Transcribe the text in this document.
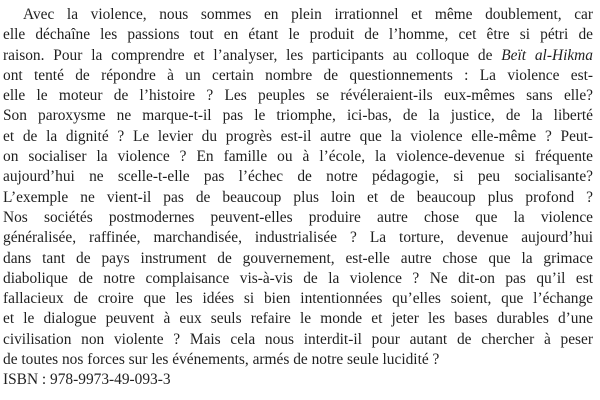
Avec la violence, nous sommes en plein irrationnel et même doublement, car
elle déchaîne les passions tout en étant le produit de l’homme, cet être si pétri de
raison. Pour la comprendre et l’analyser, les participants au colloque de Beït al-Hikma
ont tenté de répondre à un certain nombre de questionnements : La violence est-
elle le moteur de l’histoire ? Les peuples se révéleraient-ils eux-mêmes sans elle?
Son paroxysme ne marque-t-il pas le triomphe, ici-bas, de la justice, de la liberté
et de la dignité ? Le levier du progrès est-il autre que la violence elle-même ? Peut-
on socialiser la violence ? En famille ou à l’école, la violence-devenue si fréquente
aujourd’hui ne scelle-t-elle pas l’échec de notre pédagogie, si peu socialisante?
L’exemple ne vient-il pas de beaucoup plus loin et de beaucoup plus profond ?
Nos sociétés postmodernes peuvent-elles produire autre chose que la violence
généralisée, raffinée, marchandisée, industrialisée ? La torture, devenue aujourd’hui
dans tant de pays instrument de gouvernement, est-elle autre chose que la grimace
diabolique de notre complaisance vis-à-vis de la violence ? Ne dit-on pas qu’il est
fallacieux de croire que les idées si bien intentionnées qu’elles soient, que l’échange
et le dialogue peuvent à eux seuls refaire le monde et jeter les bases durables d’une
civilisation non violente ? Mais cela nous interdit-il pour autant de chercher à peser
de toutes nos forces sur les événements, armés de notre seule lucidité ?
ISBN : 978-9973-49-093-3
